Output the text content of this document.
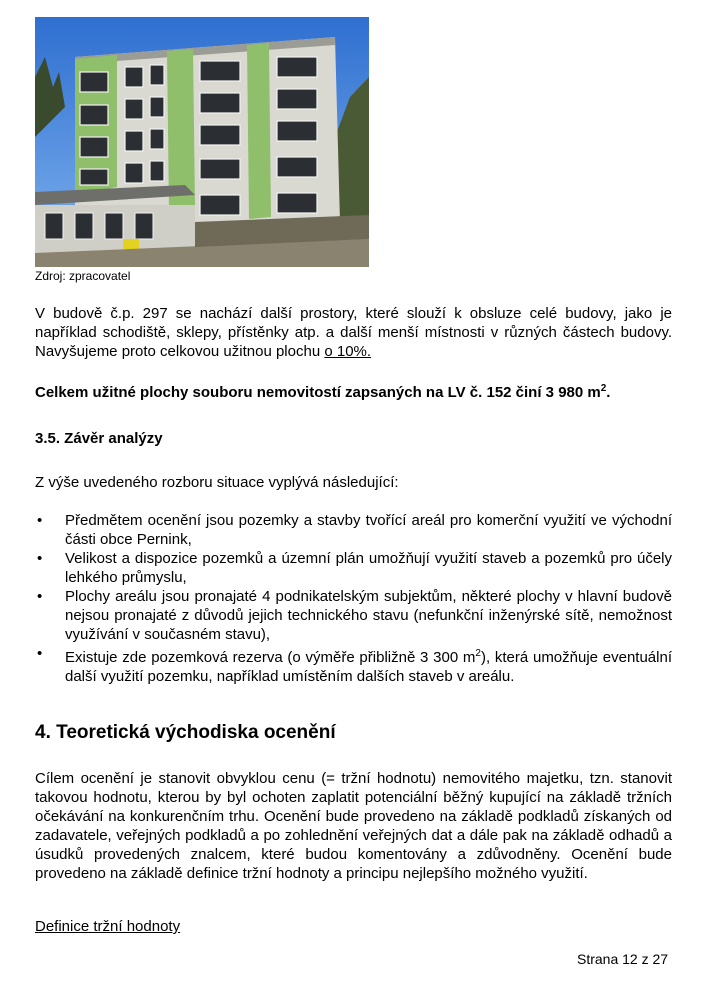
Zdroj: zpracovatel
V budově č.p. 297 se nachází další prostory, které slouží k obsluze celé budovy, jako je například schodiště, sklepy, přístěnky atp. a další menší místnosti v různých částech budovy. Navyšujeme proto celkovou užitnou plochu o 10%.
Celkem užitné plochy souboru nemovitostí zapsaných na LV č. 152 činí 3 980 $m^2$.
3.5. Závěr analýzy
Z výše uvedeného rozboru situace vyplývá následující:
• Předmětem ocenění jsou pozemky a stavby tvořící areál pro komerční využití ve východní části obce Pernink,
• Velikost a dispozice pozemků a územní plán umožňují využití staveb a pozemků pro účely lehkého průmyslu,
• Plochy areálu jsou pronajaté 4 podnikatelským subjektům, některé plochy v hlavní budově nejsou pronajaté z důvodů jejich technického stavu (nefunkční inženýrské sítě, nemožnost využívání v současném stavu),
• Existuje zde pozemková rezerva (o výměře přibližně 3 300 $m^2$), která umožňuje eventuální další využití pozemku, například umístěním dalších staveb v areálu.
4. Teoretická východiska ocenění
Cílem ocenění je stanovit obvyklou cenu (= tržní hodnotu) nemovitého majetku, tzn. stanovit takovou hodnotu, kterou by byl ochoten zaplatit potenciální běžný kupující na základě tržních očekávání na konkurenčním trhu. Ocenění bude provedeno na základě podkladů získaných od zadavatele, veřejných podkladů a po zohlednění veřejných dat a dále pak na základě odhadů a úsudků provedených znalcem, které budou komentovány a zdůvodněny. Ocenění bude provedeno na základě definice tržní hodnoty a principu nejlepšího možného využití.
Definice tržní hodnoty
Strana 12 z 27
